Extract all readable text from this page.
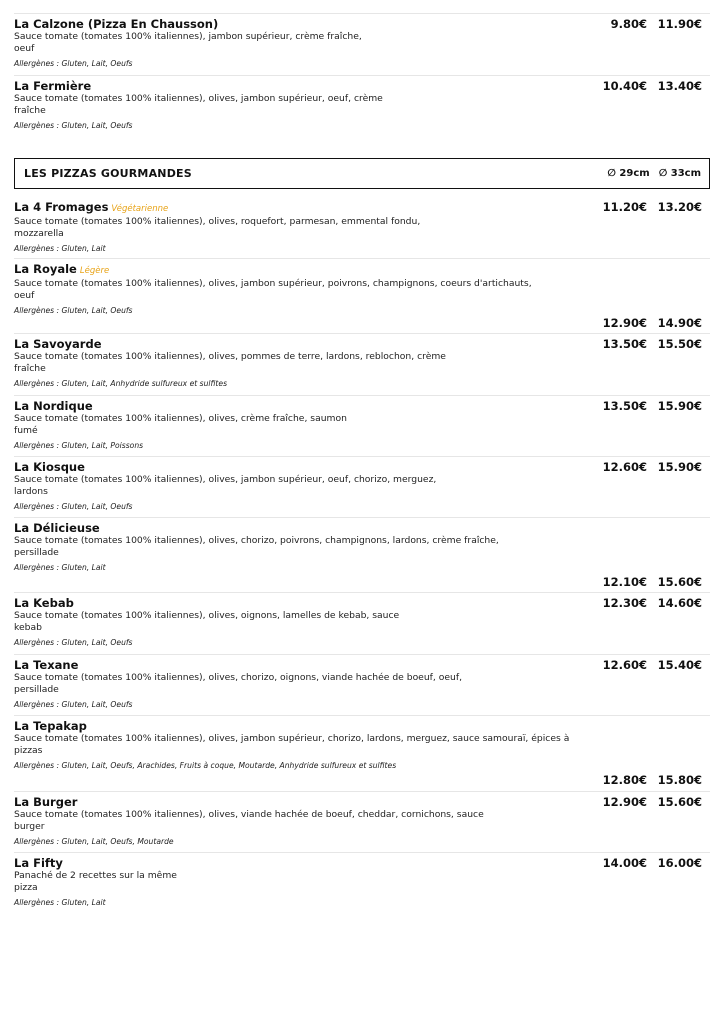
La Calzone (Pizza En Chausson)
Sauce tomate (tomates 100% italiennes), jambon supérieur, crème fraîche,
oeuf
Allergènes : Gluten, Lait, Oeufs
9.80€ 11.90€
La Fermière
Sauce tomate (tomates 100% italiennes), olives, jambon supérieur, oeuf, crème
fraîche
Allergènes : Gluten, Lait, Oeufs
10.40€ 13.40€
LES PIZZAS GOURMANDES	∅ 29cm ∅ 33cm
La 4 Fromages Végétarienne
Sauce tomate (tomates 100% italiennes), olives, roquefort, parmesan, emmental fondu,
mozzarella
Allergènes : Gluten, Lait
11.20€ 13.20€
La Royale Légère
Sauce tomate (tomates 100% italiennes), olives, jambon supérieur, poivrons, champignons, coeurs d'artichauts,
oeuf
Allergènes : Gluten, Lait, Oeufs
12.90€ 14.90€
La Savoyarde
Sauce tomate (tomates 100% italiennes), olives, pommes de terre, lardons, reblochon, crème
fraîche
Allergènes : Gluten, Lait, Anhydride sulfureux et sulfites
13.50€ 15.50€
La Nordique
Sauce tomate (tomates 100% italiennes), olives, crème fraîche, saumon
fumé
Allergènes : Gluten, Lait, Poissons
13.50€ 15.90€
La Kiosque
Sauce tomate (tomates 100% italiennes), olives, jambon supérieur, oeuf, chorizo, merguez,
lardons
Allergènes : Gluten, Lait, Oeufs
12.60€ 15.90€
La Délicieuse
Sauce tomate (tomates 100% italiennes), olives, chorizo, poivrons, champignons, lardons, crème fraîche,
persillade
Allergènes : Gluten, Lait
12.10€ 15.60€
La Kebab
Sauce tomate (tomates 100% italiennes), olives, oignons, lamelles de kebab, sauce
kebab
Allergènes : Gluten, Lait, Oeufs
12.30€ 14.60€
La Texane
Sauce tomate (tomates 100% italiennes), olives, chorizo, oignons, viande hachée de boeuf, oeuf,
persillade
Allergènes : Gluten, Lait, Oeufs
12.60€ 15.40€
La Tepakap
Sauce tomate (tomates 100% italiennes), olives, jambon supérieur, chorizo, lardons, merguez, sauce samouraï, épices à
pizzas
Allergènes : Gluten, Lait, Oeufs, Arachides, Fruits à coque, Moutarde, Anhydride sulfureux et sulfites
12.80€ 15.80€
La Burger
Sauce tomate (tomates 100% italiennes), olives, viande hachée de boeuf, cheddar, cornichons, sauce
burger
Allergènes : Gluten, Lait, Oeufs, Moutarde
12.90€ 15.60€
La Fifty
Panaché de 2 recettes sur la même
pizza
Allergènes : Gluten, Lait
14.00€ 16.00€
